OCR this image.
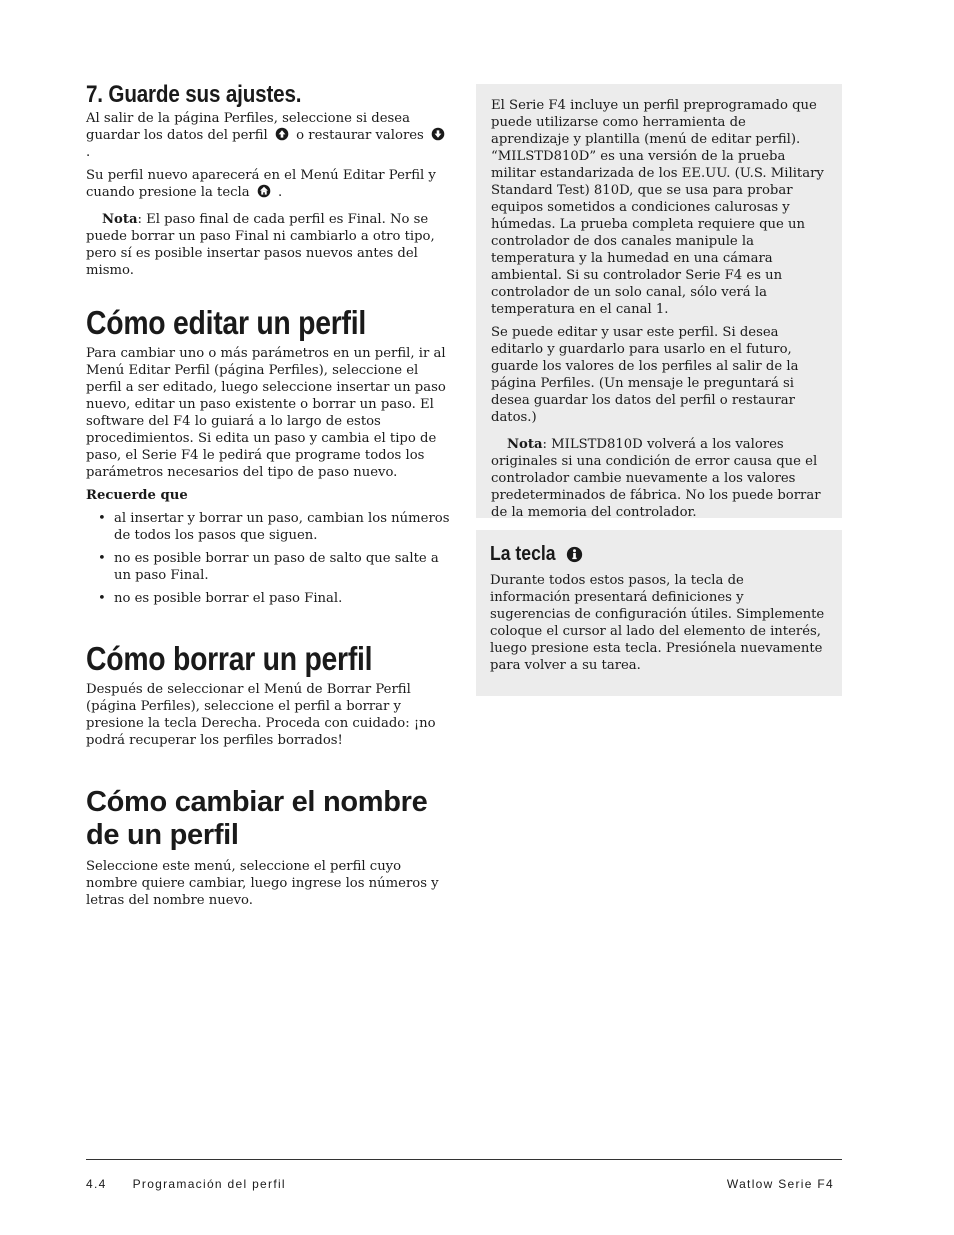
7. Guarde sus ajustes.

Al salir de la página Perfiles, seleccione si desea guardar los datos del perfil o restaurar valores
.

Su perfil nuevo aparecerá en el Menú Editar Perfil y cuando presione la tecla .

Nota: El paso final de cada perfil es Final. No se puede borrar un paso Final ni cambiarlo a otro tipo, pero sí es posible insertar pasos nuevos antes del mismo.

Cómo editar un perfil

Para cambiar uno o más parámetros en un perfil, ir al Menú Editar Perfil (página Perfiles), seleccione el perfil a ser editado, luego seleccione insertar un paso nuevo, editar un paso existente o borrar un paso. El software del F4 lo guiará a lo largo de estos procedimientos. Si edita un paso y cambia el tipo de paso, el Serie F4 le pedirá que programe todos los parámetros necesarios del tipo de paso nuevo.

Recuerde que

• al insertar y borrar un paso, cambian los números de todos los pasos que siguen.
• no es posible borrar un paso de salto que salte a un paso Final.
• no es posible borrar el paso Final.
Cómo borrar un perfil

Después de seleccionar el Menú de Borrar Perfil (página Perfiles), seleccione el perfil a borrar y presione la tecla Derecha. Proceda con cuidado: ¡no podrá recuperar los perfiles borrados!

Cómo cambiar el nombre de un perfil

Seleccione este menú, seleccione el perfil cuyo nombre quiere cambiar, luego ingrese los números y letras del nombre nuevo.

El Serie F4 incluye un perfil preprogramado que puede utilizarse como herramienta de aprendizaje y plantilla (menú de editar perfil). “MILSTD810D” es una versión de la prueba militar estandarizada de los EE.UU. (U.S. Military Standard Test) 810D, que se usa para probar equipos sometidos a condiciones calurosas y húmedas. La prueba completa requiere que un controlador de dos canales manipule la temperatura y la humedad en una cámara ambiental. Si su controlador Serie F4 es un controlador de un solo canal, sólo verá la temperatura en el canal 1.

Se puede editar y usar este perfil. Si desea editarlo y guardarlo para usarlo en el futuro, guarde los valores de los perfiles al salir de la página Perfiles. (Un mensaje le preguntará si desea guardar los datos del perfil o restaurar datos.)

Nota: MILSTD810D volverá a los valores originales si una condición de error causa que el controlador cambie nuevamente a los valores predeterminados de fábrica. No los puede borrar de la memoria del controlador.

La tecla

Durante todos estos pasos, la tecla de información presentará definiciones y sugerencias de configuración útiles. Simplemente coloque el cursor al lado del elemento de interés, luego presione esta tecla. Presiónela nuevamente para volver a su tarea.

4.4 Programación del perfil	Watlow Serie F4
